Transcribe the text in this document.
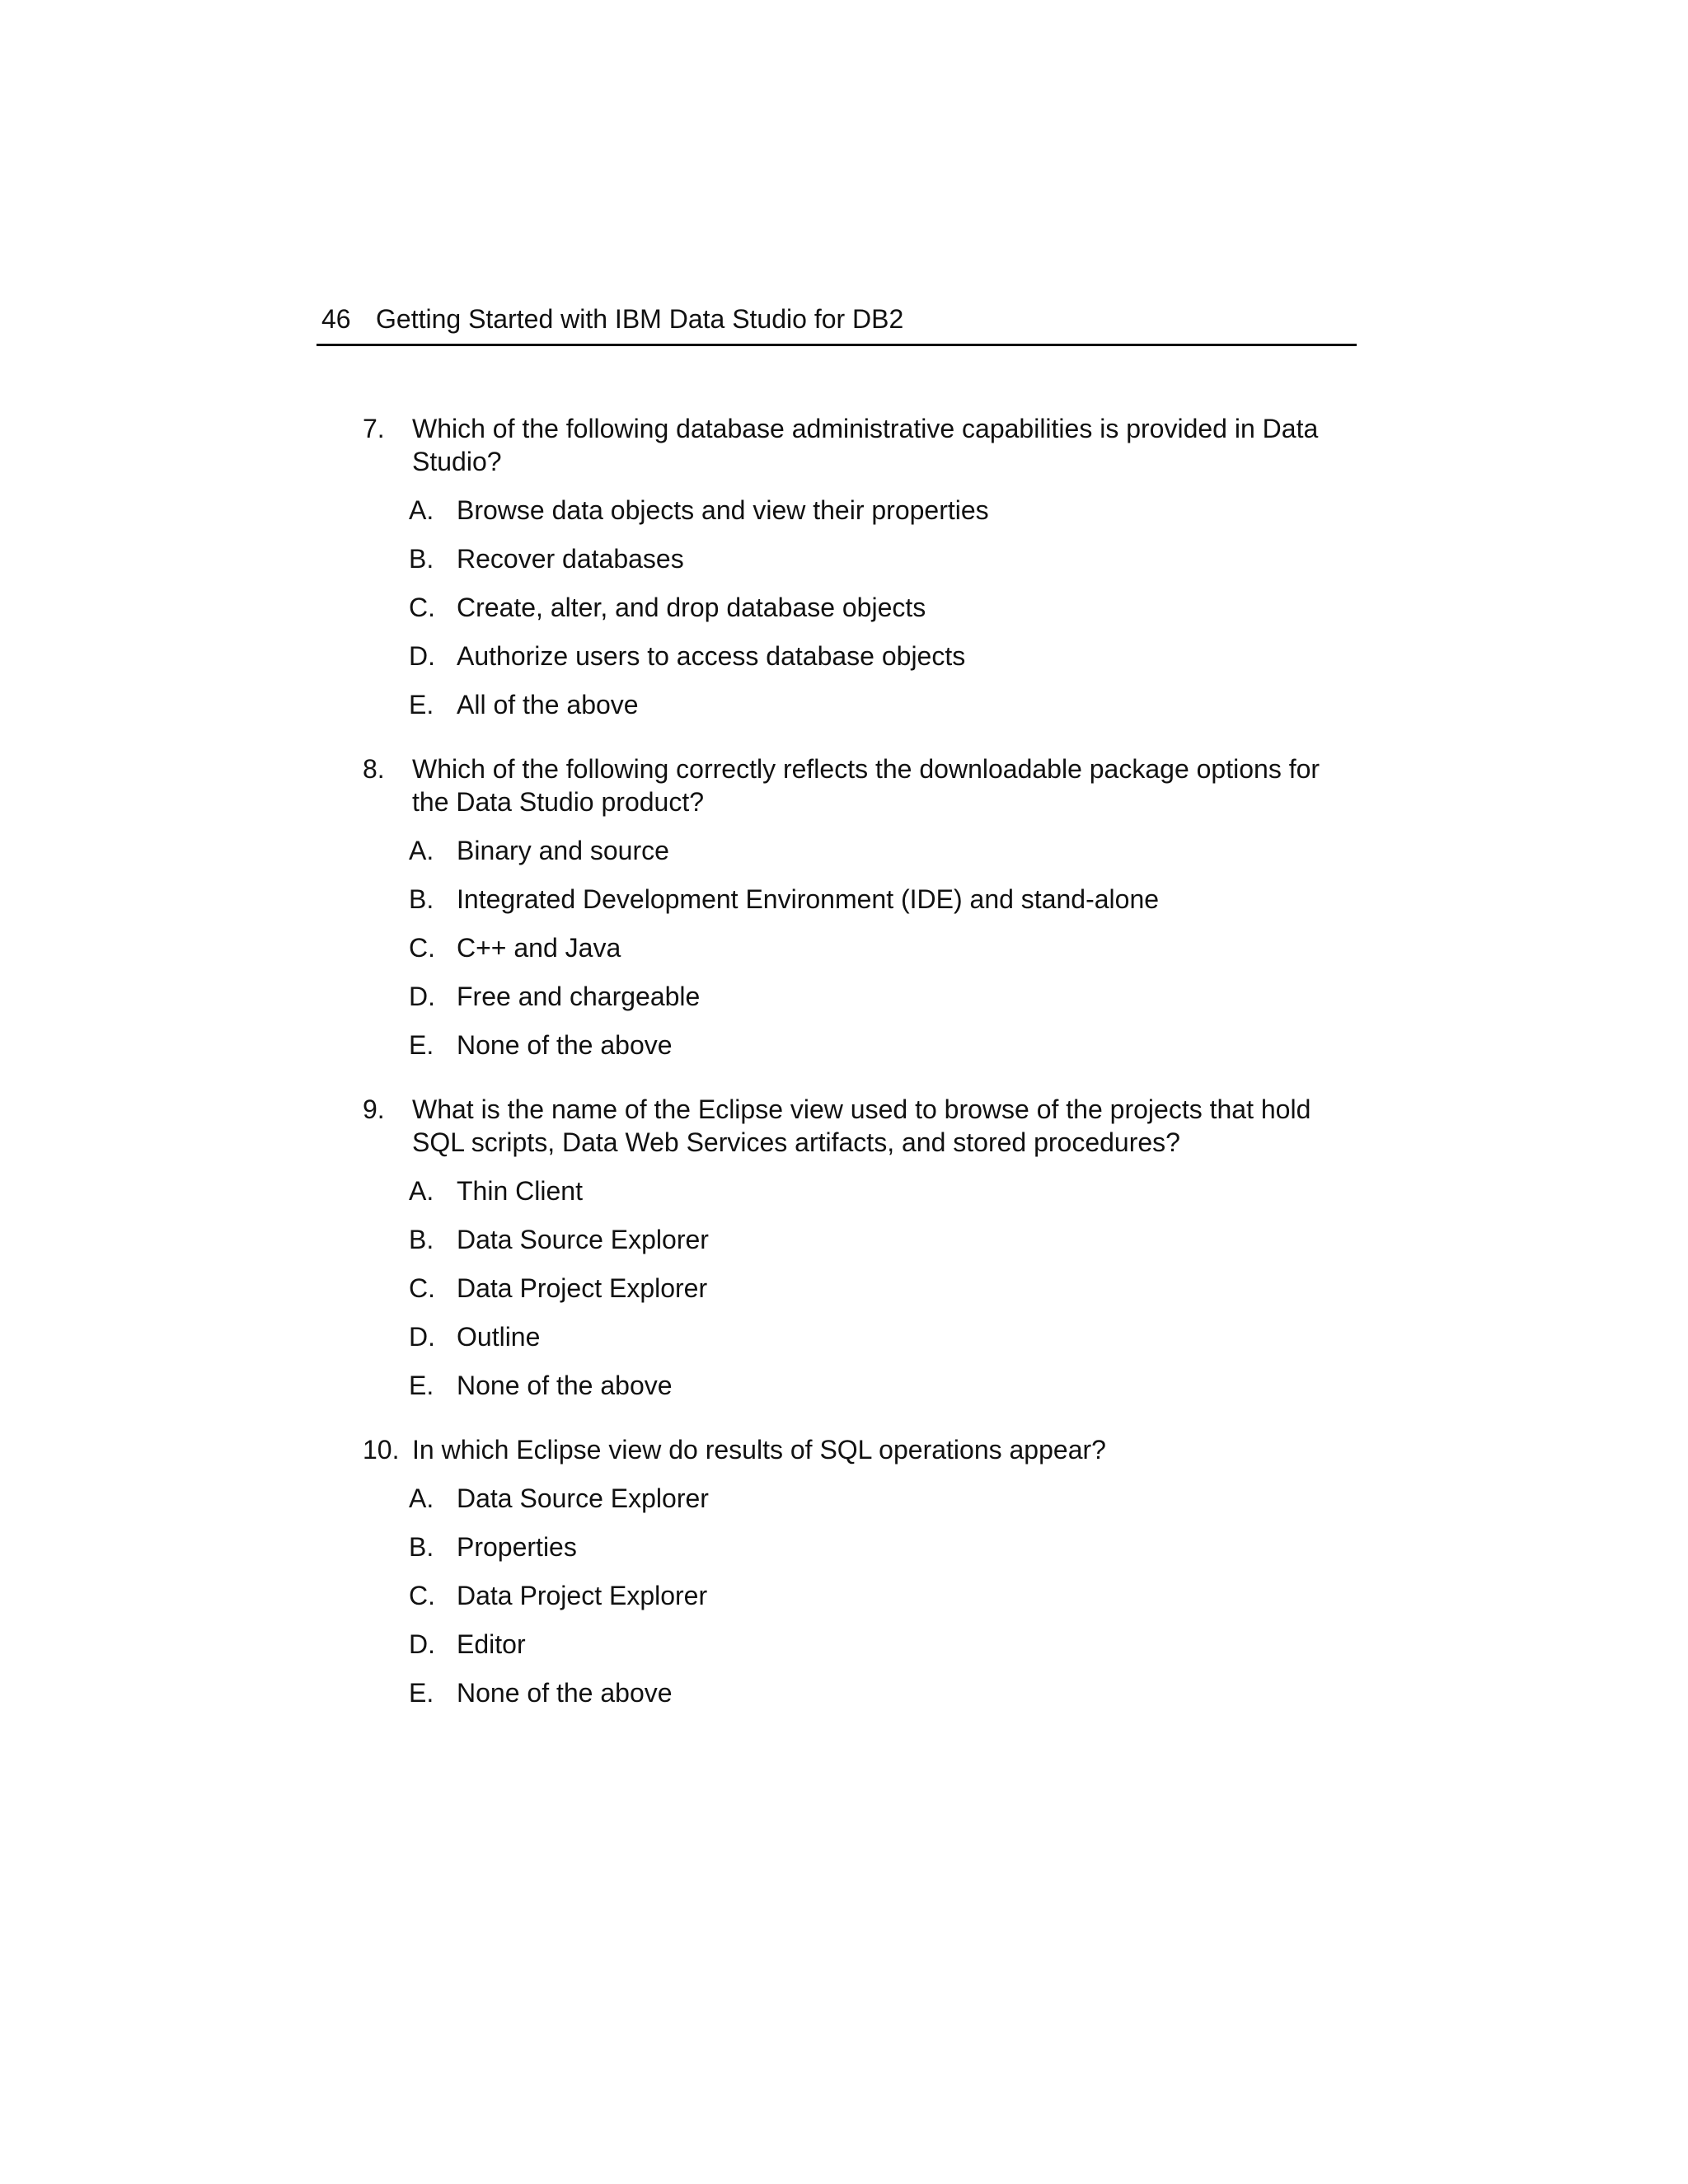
46 Getting Started with IBM Data Studio for DB2
7. Which of the following database administrative capabilities is provided in Data Studio?
A. Browse data objects and view their properties
B. Recover databases
C. Create, alter, and drop database objects
D. Authorize users to access database objects
E. All of the above
8. Which of the following correctly reflects the downloadable package options for the Data Studio product?
A. Binary and source
B. Integrated Development Environment (IDE) and stand-alone
C. C++ and Java
D. Free and chargeable
E. None of the above
9. What is the name of the Eclipse view used to browse of the projects that hold SQL scripts, Data Web Services artifacts, and stored procedures?
A. Thin Client
B. Data Source Explorer
C. Data Project Explorer
D. Outline
E. None of the above
10. In which Eclipse view do results of SQL operations appear?
A. Data Source Explorer
B. Properties
C. Data Project Explorer
D. Editor
E. None of the above
